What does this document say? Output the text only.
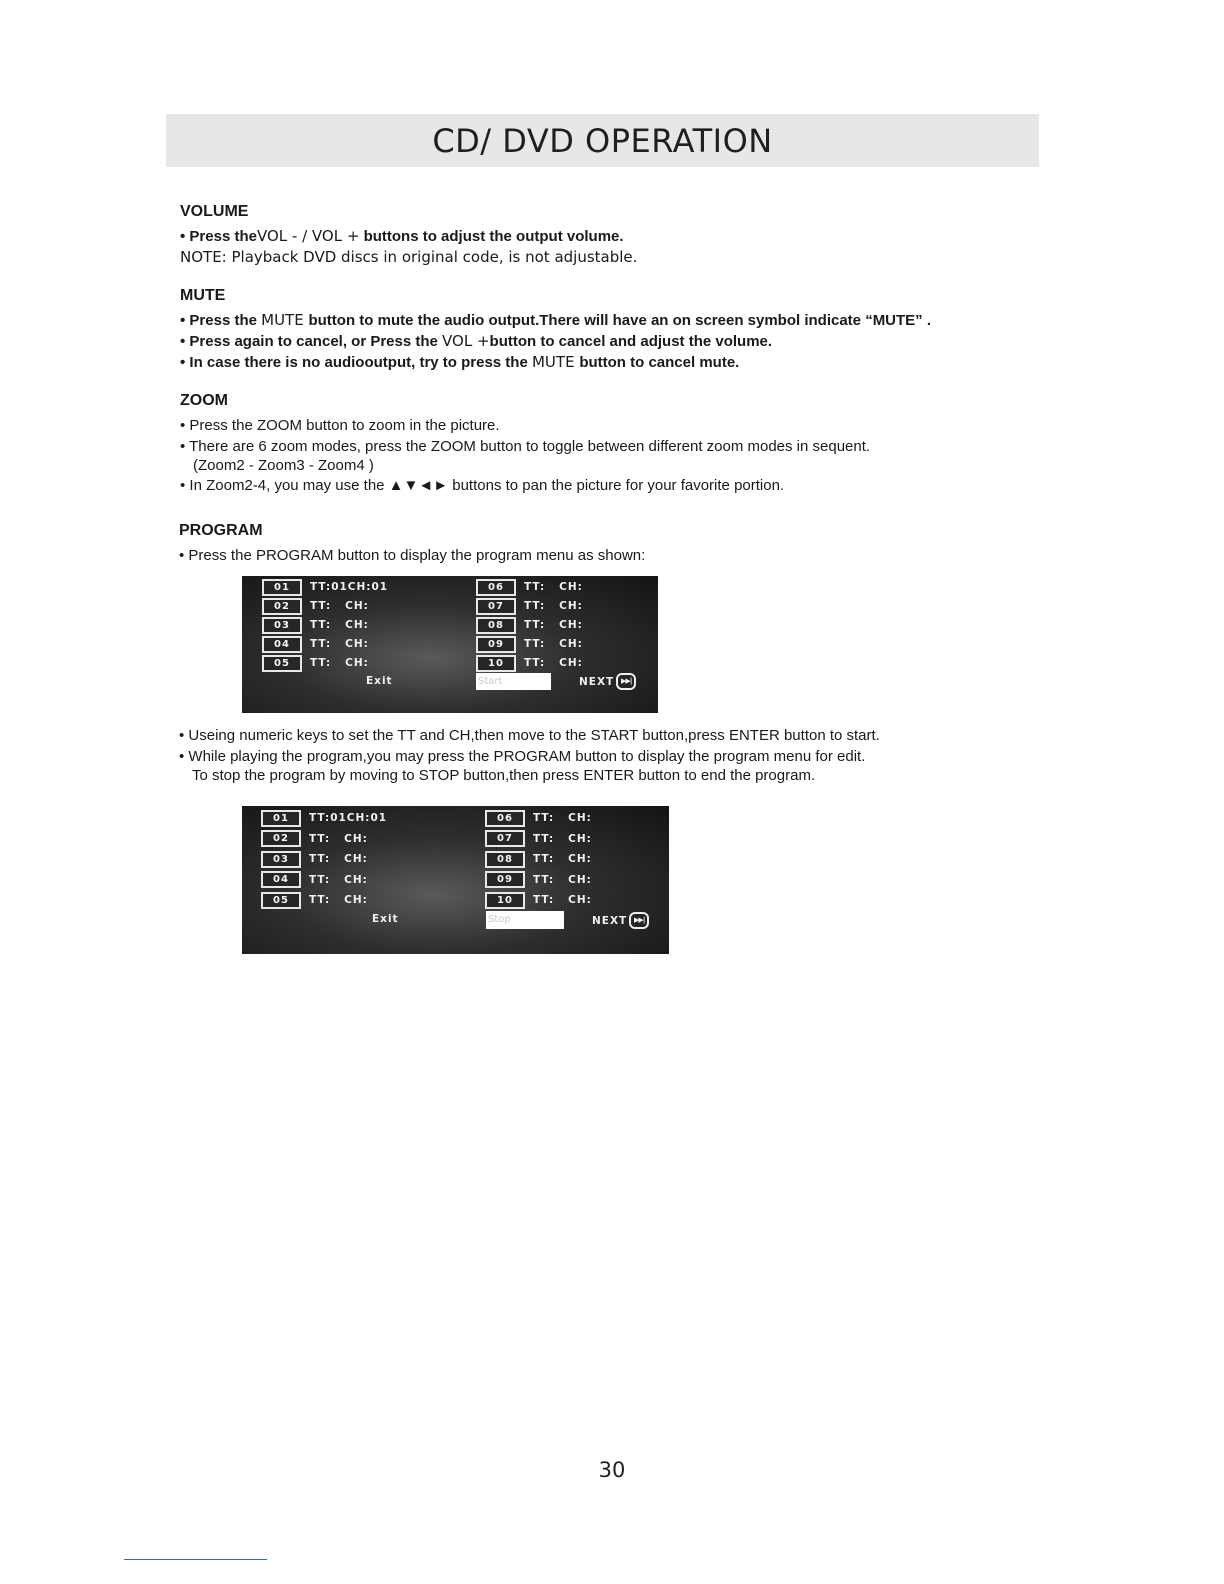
CD/ DVD OPERATION
VOLUME
• Press theVOL - / VOL + buttons to adjust the output volume.
NOTE: Playback DVD discs in original code, is not adjustable.
MUTE
• Press the MUTE button to mute the audio output.There will have an on screen symbol indicate “MUTE” .
• Press again to cancel, or Press the VOL +button to cancel and adjust the volume.
• In case there is no audiooutput, try to press the MUTE button to cancel mute.
ZOOM
• Press the ZOOM button to zoom in the picture.
• There are 6 zoom modes, press the ZOOM button to toggle between different zoom modes in sequent.
(Zoom2 - Zoom3 - Zoom4 )
• In Zoom2-4, you may use the ▲▼◄► buttons to pan the picture for your favorite portion.
PROGRAM
• Press the PROGRAM button to display the program menu as shown:
01	TT:01CH:01
02	TT:   CH:
03	TT:   CH:
04	TT:   CH:
05	TT:   CH:
06	TT:   CH:
07	TT:   CH:
08	TT:   CH:
09	TT:   CH:
10	TT:   CH:
Exit	Start	NEXT ▶▶|
• Useing numeric keys to set the TT and CH,then move to the START button,press ENTER button to start.
• While playing the program,you may press the PROGRAM button to display the program menu for edit.
To stop the program by moving to STOP button,then press ENTER button to end the program.
01	TT:01CH:01
02	TT:   CH:
03	TT:   CH:
04	TT:   CH:
05	TT:   CH:
06	TT:   CH:
07	TT:   CH:
08	TT:   CH:
09	TT:   CH:
10	TT:   CH:
Exit	Stop	NEXT ▶▶|
30
